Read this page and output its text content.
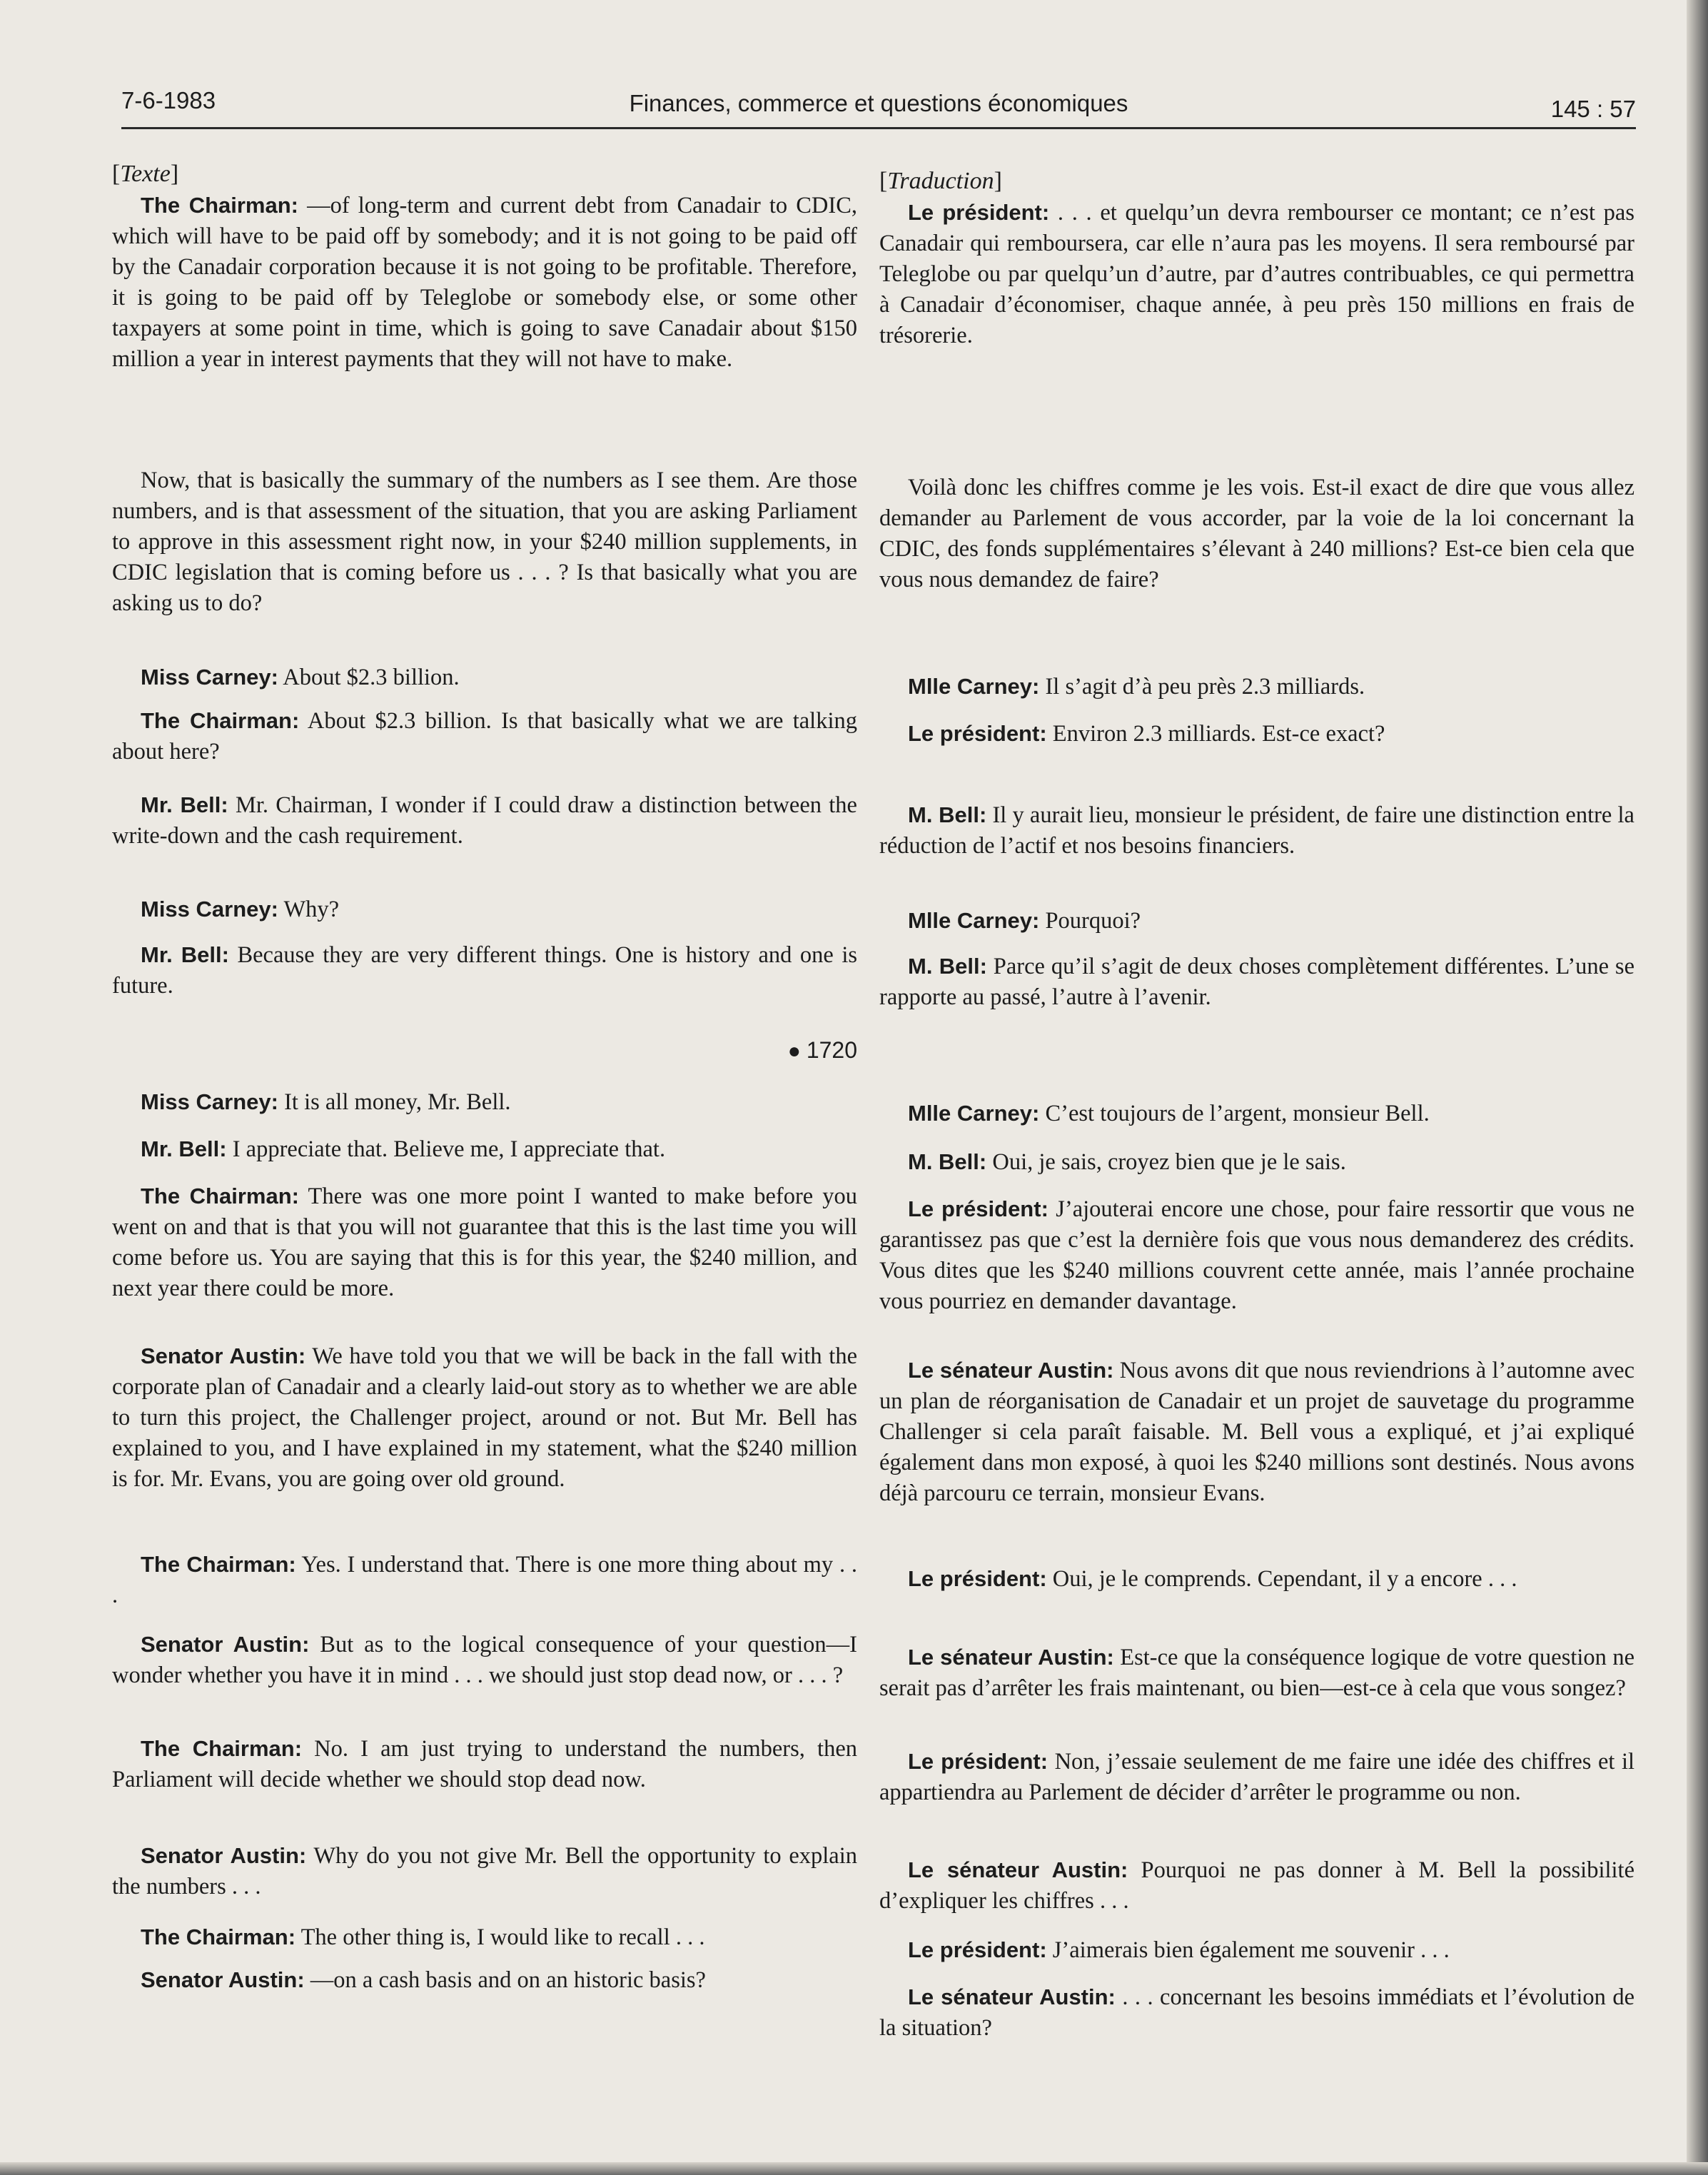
7-6-1983	Finances, commerce et questions économiques	145 : 57
[Texte]
The Chairman: —of long-term and current debt from Canadair to CDIC, which will have to be paid off by somebody; and it is not going to be paid off by the Canadair corporation because it is not going to be profitable. Therefore, it is going to be paid off by Teleglobe or somebody else, or some other taxpayers at some point in time, which is going to save Canadair about $150 million a year in interest payments that they will not have to make.
Now, that is basically the summary of the numbers as I see them. Are those numbers, and is that assessment of the situation, that you are asking Parliament to approve in this assessment right now, in your $240 million supplements, in CDIC legislation that is coming before us . . . ? Is that basically what you are asking us to do?
Miss Carney: About $2.3 billion.
The Chairman: About $2.3 billion. Is that basically what we are talking about here?
Mr. Bell: Mr. Chairman, I wonder if I could draw a distinction between the write-down and the cash requirement.
Miss Carney: Why?
Mr. Bell: Because they are very different things. One is history and one is future.
● 1720
Miss Carney: It is all money, Mr. Bell.
Mr. Bell: I appreciate that. Believe me, I appreciate that.
The Chairman: There was one more point I wanted to make before you went on and that is that you will not guarantee that this is the last time you will come before us. You are saying that this is for this year, the $240 million, and next year there could be more.
Senator Austin: We have told you that we will be back in the fall with the corporate plan of Canadair and a clearly laid-out story as to whether we are able to turn this project, the Challenger project, around or not. But Mr. Bell has explained to you, and I have explained in my statement, what the $240 million is for. Mr. Evans, you are going over old ground.
The Chairman: Yes. I understand that. There is one more thing about my . . .
Senator Austin: But as to the logical consequence of your question—I wonder whether you have it in mind . . . we should just stop dead now, or . . . ?
The Chairman: No. I am just trying to understand the numbers, then Parliament will decide whether we should stop dead now.
Senator Austin: Why do you not give Mr. Bell the opportunity to explain the numbers . . .
The Chairman: The other thing is, I would like to recall . . .
Senator Austin: —on a cash basis and on an historic basis?
[Traduction]
Le président: . . . et quelqu’un devra rembourser ce montant; ce n’est pas Canadair qui remboursera, car elle n’aura pas les moyens. Il sera remboursé par Teleglobe ou par quelqu’un d’autre, par d’autres contribuables, ce qui permettra à Canadair d’économiser, chaque année, à peu près 150 millions en frais de trésorerie.
Voilà donc les chiffres comme je les vois. Est-il exact de dire que vous allez demander au Parlement de vous accorder, par la voie de la loi concernant la CDIC, des fonds supplémentaires s’élevant à 240 millions? Est-ce bien cela que vous nous demandez de faire?
Mlle Carney: Il s’agit d’à peu près 2.3 milliards.
Le président: Environ 2.3 milliards. Est-ce exact?
M. Bell: Il y aurait lieu, monsieur le président, de faire une distinction entre la réduction de l’actif et nos besoins financiers.
Mlle Carney: Pourquoi?
M. Bell: Parce qu’il s’agit de deux choses complètement différentes. L’une se rapporte au passé, l’autre à l’avenir.
Mlle Carney: C’est toujours de l’argent, monsieur Bell.
M. Bell: Oui, je sais, croyez bien que je le sais.
Le président: J’ajouterai encore une chose, pour faire ressortir que vous ne garantissez pas que c’est la dernière fois que vous nous demanderez des crédits. Vous dites que les $240 millions couvrent cette année, mais l’année prochaine vous pourriez en demander davantage.
Le sénateur Austin: Nous avons dit que nous reviendrions à l’automne avec un plan de réorganisation de Canadair et un projet de sauvetage du programme Challenger si cela paraît faisable. M. Bell vous a expliqué, et j’ai expliqué également dans mon exposé, à quoi les $240 millions sont destinés. Nous avons déjà parcouru ce terrain, monsieur Evans.
Le président: Oui, je le comprends. Cependant, il y a encore . . .
Le sénateur Austin: Est-ce que la conséquence logique de votre question ne serait pas d’arrêter les frais maintenant, ou bien—est-ce à cela que vous songez?
Le président: Non, j’essaie seulement de me faire une idée des chiffres et il appartiendra au Parlement de décider d’arrêter le programme ou non.
Le sénateur Austin: Pourquoi ne pas donner à M. Bell la possibilité d’expliquer les chiffres . . .
Le président: J’aimerais bien également me souvenir . . .
Le sénateur Austin: . . . concernant les besoins immédiats et l’évolution de la situation?
